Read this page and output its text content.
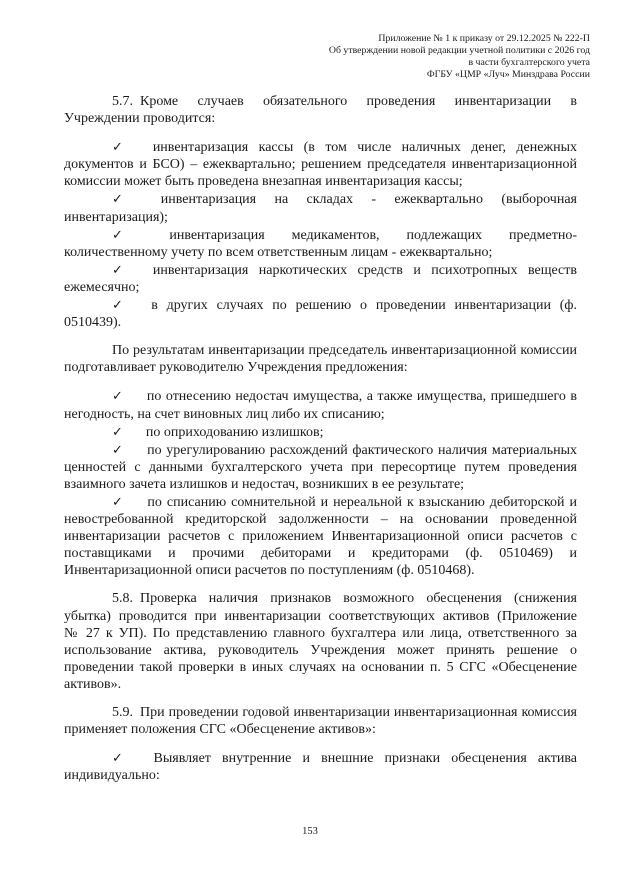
Приложение № 1 к приказу от 29.12.2025 № 222-П
Об утверждении новой редакции учетной политики с 2026 год
в части бухгалтерского учета
ФГБУ «ЦМР «Луч» Минздрава России

5.7. Кроме случаев обязательного проведения инвентаризации в Учреждении проводится:

✓ инвентаризация кассы (в том числе наличных денег, денежных документов и БСО) – ежеквартально; решением председателя инвентаризационной комиссии может быть проведена внезапная инвентаризация кассы;

✓ инвентаризация на складах - ежеквартально (выборочная инвентаризация);

✓ инвентаризация медикаментов, подлежащих предметно-количественному учету по всем ответственным лицам - ежеквартально;

✓ инвентаризация наркотических средств и психотропных веществ ежемесячно;

✓ в других случаях по решению о проведении инвентаризации (ф. 0510439).

По результатам инвентаризации председатель инвентаризационной комиссии подготавливает руководителю Учреждения предложения:

✓ по отнесению недостач имущества, а также имущества, пришедшего в негодность, на счет виновных лиц либо их списанию;

✓ по оприходованию излишков;

✓ по урегулированию расхождений фактического наличия материальных ценностей с данными бухгалтерского учета при пересортице путем проведения взаимного зачета излишков и недостач, возникших в ее результате;

✓ по списанию сомнительной и нереальной к взысканию дебиторской и невостребованной кредиторской задолженности – на основании проведенной инвентаризации расчетов с приложением Инвентаризационной описи расчетов с поставщиками и прочими дебиторами и кредиторами (ф. 0510469) и Инвентаризационной описи расчетов по поступлениям (ф. 0510468).

5.8. Проверка наличия признаков возможного обесценения (снижения убытка) проводится при инвентаризации соответствующих активов (Приложение № 27 к УП). По представлению главного бухгалтера или лица, ответственного за использование актива, руководитель Учреждения может принять решение о проведении такой проверки в иных случаях на основании п. 5 СГС «Обесценение активов».

5.9. При проведении годовой инвентаризации инвентаризационная комиссия применяет положения СГС «Обесценение активов»:

✓ Выявляет внутренние и внешние признаки обесценения актива индивидуально:

153
